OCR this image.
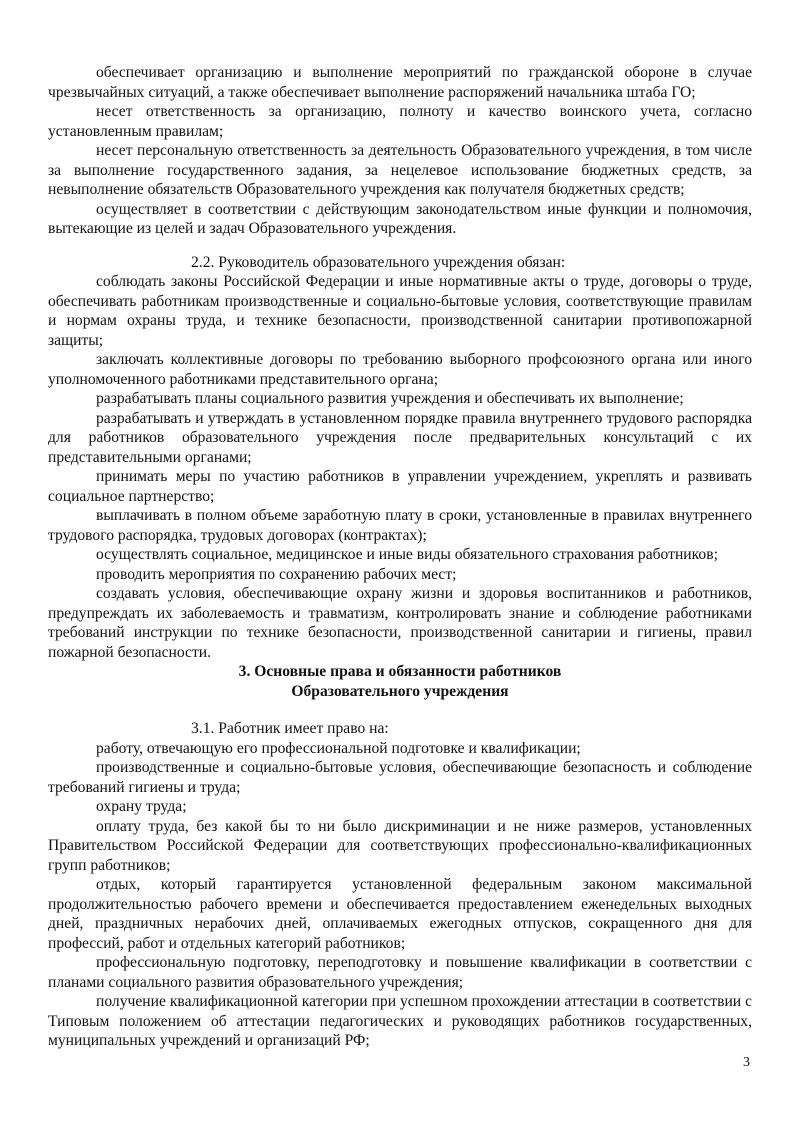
обеспечивает организацию и выполнение мероприятий по гражданской обороне в случае чрезвычайных ситуаций, а также обеспечивает выполнение распоряжений начальника штаба ГО;

несет ответственность за организацию, полноту и качество воинского учета, согласно установленным правилам;

несет персональную ответственность за деятельность Образовательного учреждения, в том числе за выполнение государственного задания, за нецелевое использование бюджетных средств, за невыполнение обязательств Образовательного учреждения как получателя бюджетных средств;

осуществляет в соответствии с действующим законодательством иные функции и полномочия, вытекающие из целей и задач Образовательного учреждения.

2.2. Руководитель образовательного учреждения обязан:

соблюдать законы Российской Федерации и иные нормативные акты о труде, договоры о труде, обеспечивать работникам производственные и социально-бытовые условия, соответствующие правилам и нормам охраны труда, и технике безопасности, производственной санитарии противопожарной защиты;

заключать коллективные договоры по требованию выборного профсоюзного органа или иного уполномоченного работниками представительного органа;

разрабатывать планы социального развития учреждения и обеспечивать их выполнение;

разрабатывать и утверждать в установленном порядке правила внутреннего трудового распорядка для работников образовательного учреждения после предварительных консультаций с их представительными органами;

принимать меры по участию работников в управлении учреждением, укреплять и развивать социальное партнерство;

выплачивать в полном объеме заработную плату в сроки, установленные в правилах внутреннего трудового распорядка, трудовых договорах (контрактах);

осуществлять социальное, медицинское и иные виды обязательного страхования работников;

проводить мероприятия по сохранению рабочих мест;

создавать условия, обеспечивающие охрану жизни и здоровья воспитанников и работников, предупреждать их заболеваемость и травматизм, контролировать знание и соблюдение работниками требований инструкции по технике безопасности, производственной санитарии и гигиены, правил пожарной безопасности.

3. Основные права и обязанности работников

Образовательного учреждения

3.1. Работник имеет право на:

работу, отвечающую его профессиональной подготовке и квалификации;

производственные и социально-бытовые условия, обеспечивающие безопасность и соблюдение требований гигиены и труда;

охрану труда;

оплату труда, без какой бы то ни было дискриминации и не ниже размеров, установленных Правительством Российской Федерации для соответствующих профессионально-квалификационных групп работников;

отдых, который гарантируется установленной федеральным законом максимальной продолжительностью рабочего времени и обеспечивается предоставлением еженедельных выходных дней, праздничных нерабочих дней, оплачиваемых ежегодных отпусков, сокращенного дня для профессий, работ и отдельных категорий работников;

профессиональную подготовку, переподготовку и повышение квалификации в соответствии с планами социального развития образовательного учреждения;

получение квалификационной категории при успешном прохождении аттестации в соответствии с Типовым положением об аттестации педагогических и руководящих работников государственных, муниципальных учреждений и организаций РФ;

3
